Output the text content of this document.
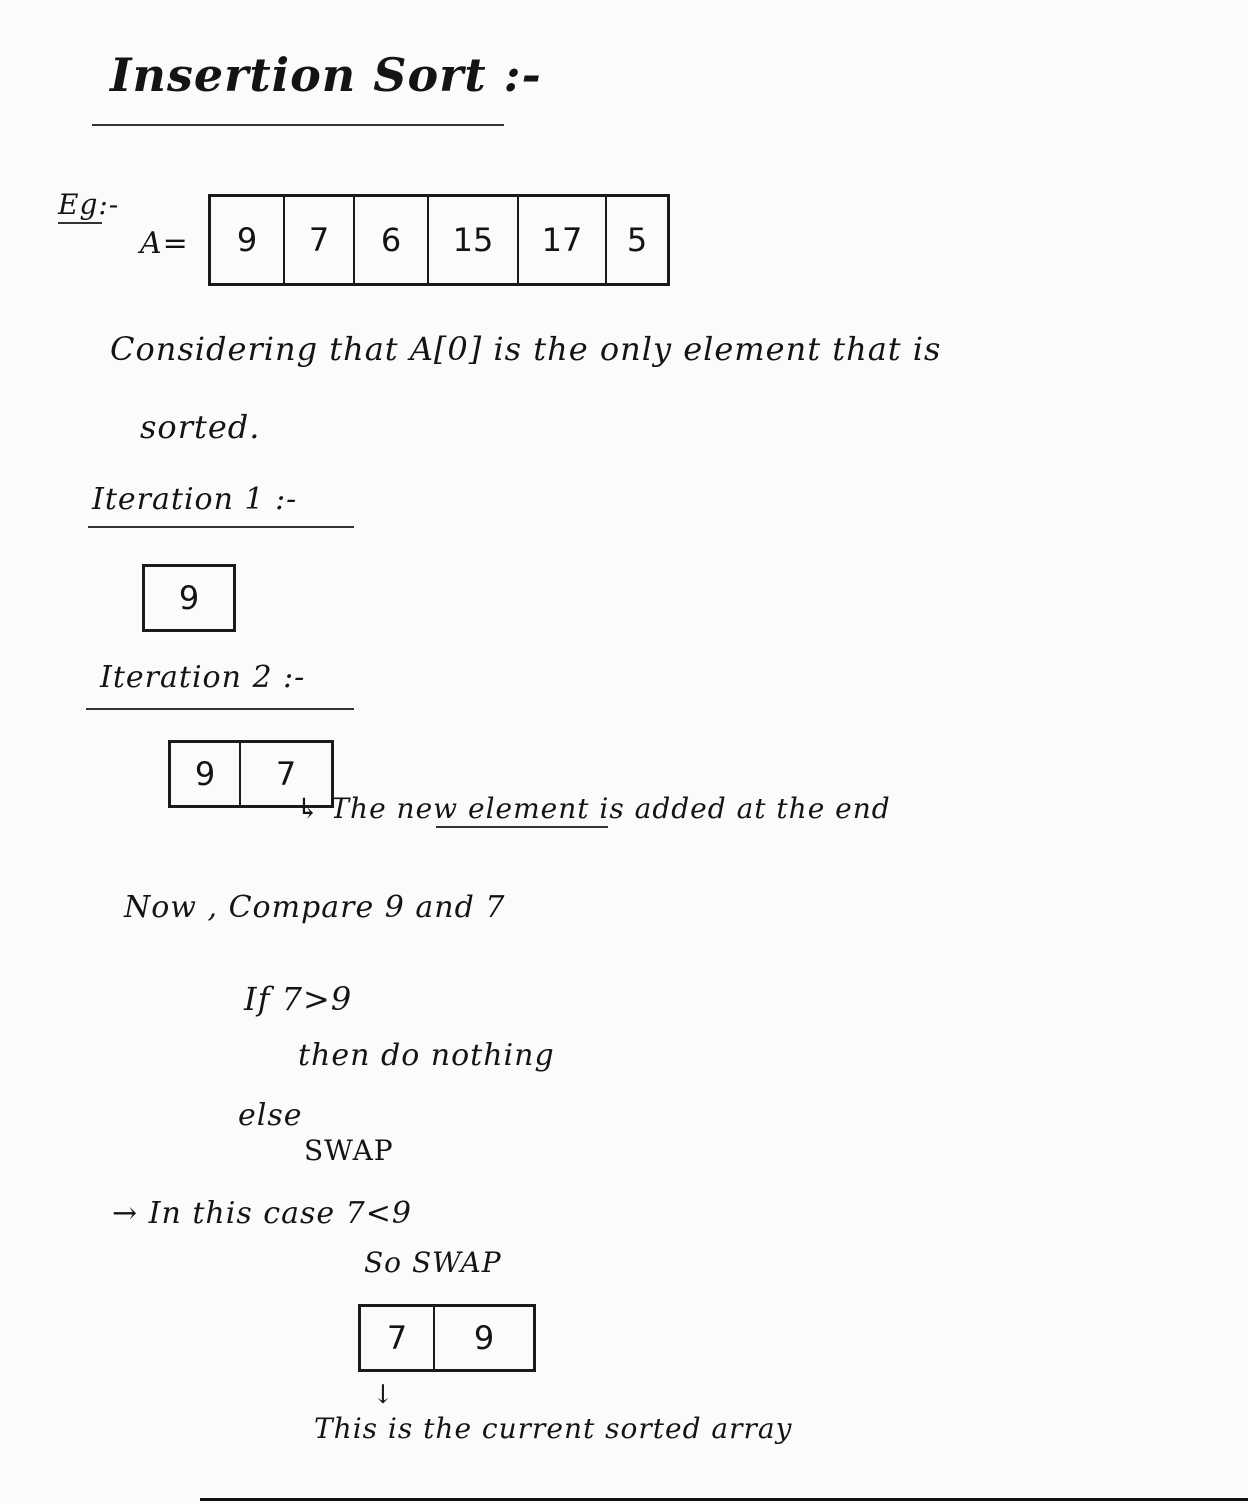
Insertion Sort :-
Eg:-
A=	9	7	6	15	17	5
Considering that A[0] is the only element that is
sorted.
Iteration 1 :-
9
Iteration 2 :-
9	7
↳ The new element is added at the end
Now , Compare 9 and 7
If 7>9
then do nothing
else
SWAP
→ In this case 7<9
So SWAP
7	9
↓
This is the current sorted array
